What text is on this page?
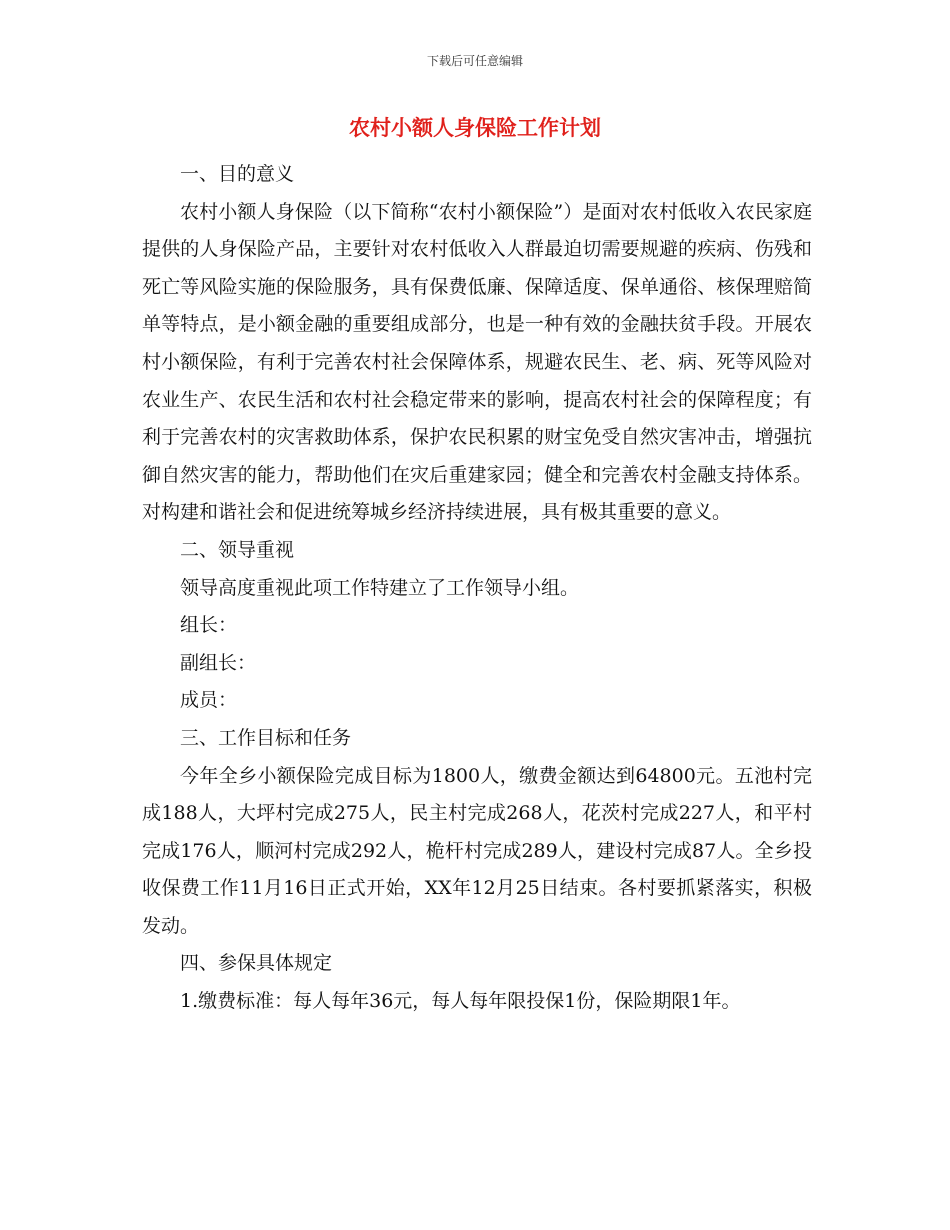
下载后可任意编辑
农村小额人身保险工作计划

一、目的意义

农村小额人身保险（以下简称“农村小额保险”）是面对农村低收入农民家庭提供的人身保险产品，主要针对农村低收入人群最迫切需要规避的疾病、伤残和死亡等风险实施的保险服务，具有保费低廉、保障适度、保单通俗、核保理赔简单等特点，是小额金融的重要组成部分，也是一种有效的金融扶贫手段。开展农村小额保险，有利于完善农村社会保障体系，规避农民生、老、病、死等风险对农业生产、农民生活和农村社会稳定带来的影响，提高农村社会的保障程度；有利于完善农村的灾害救助体系，保护农民积累的财宝免受自然灾害冲击，增强抗御自然灾害的能力，帮助他们在灾后重建家园；健全和完善农村金融支持体系。对构建和谐社会和促进统筹城乡经济持续进展，具有极其重要的意义。

二、领导重视

领导高度重视此项工作特建立了工作领导小组。

组长：

副组长：

成员：

三、工作目标和任务

今年全乡小额保险完成目标为1800人，缴费金额达到64800元。五池村完成188人，大坪村完成275人，民主村完成268人，花茨村完成227人，和平村完成176人，顺河村完成292人，桅杆村完成289人，建设村完成87人。全乡投收保费工作11月16日正式开始，XX年12月25日结束。各村要抓紧落实，积极发动。

四、参保具体规定

1.缴费标准：每人每年36元，每人每年限投保1份，保险期限1年。
